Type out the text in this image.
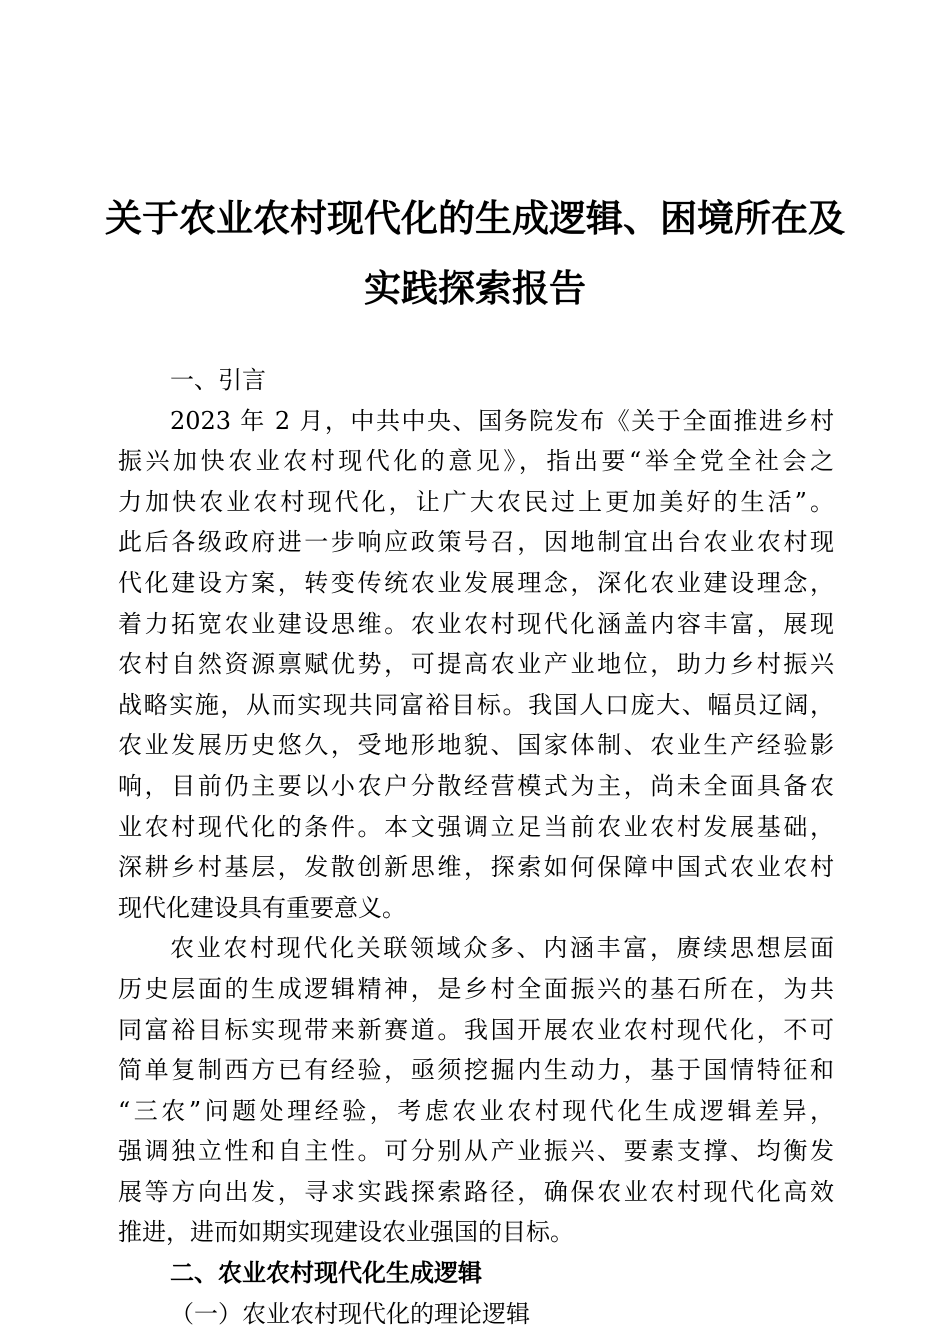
关于农业农村现代化的生成逻辑、困境所在及
实践探索报告
一、引言
2023 年 2 月，中共中央、国务院发布《关于全面推进乡村
振兴加快农业农村现代化的意见》，指出要“举全党全社会之
力加快农业农村现代化，让广大农民过上更加美好的生活”。
此后各级政府进一步响应政策号召，因地制宜出台农业农村现
代化建设方案，转变传统农业发展理念，深化农业建设理念，
着力拓宽农业建设思维。农业农村现代化涵盖内容丰富，展现
农村自然资源禀赋优势，可提高农业产业地位，助力乡村振兴
战略实施，从而实现共同富裕目标。我国人口庞大、幅员辽阔，
农业发展历史悠久，受地形地貌、国家体制、农业生产经验影
响，目前仍主要以小农户分散经营模式为主，尚未全面具备农
业农村现代化的条件。本文强调立足当前农业农村发展基础，
深耕乡村基层，发散创新思维，探索如何保障中国式农业农村
现代化建设具有重要意义。
农业农村现代化关联领域众多、内涵丰富，赓续思想层面
历史层面的生成逻辑精神，是乡村全面振兴的基石所在，为共
同富裕目标实现带来新赛道。我国开展农业农村现代化，不可
简单复制西方已有经验，亟须挖掘内生动力，基于国情特征和
“三农”问题处理经验，考虑农业农村现代化生成逻辑差异，
强调独立性和自主性。可分别从产业振兴、要素支撑、均衡发
展等方向出发，寻求实践探索路径，确保农业农村现代化高效
推进，进而如期实现建设农业强国的目标。
二、农业农村现代化生成逻辑
（一）农业农村现代化的理论逻辑
